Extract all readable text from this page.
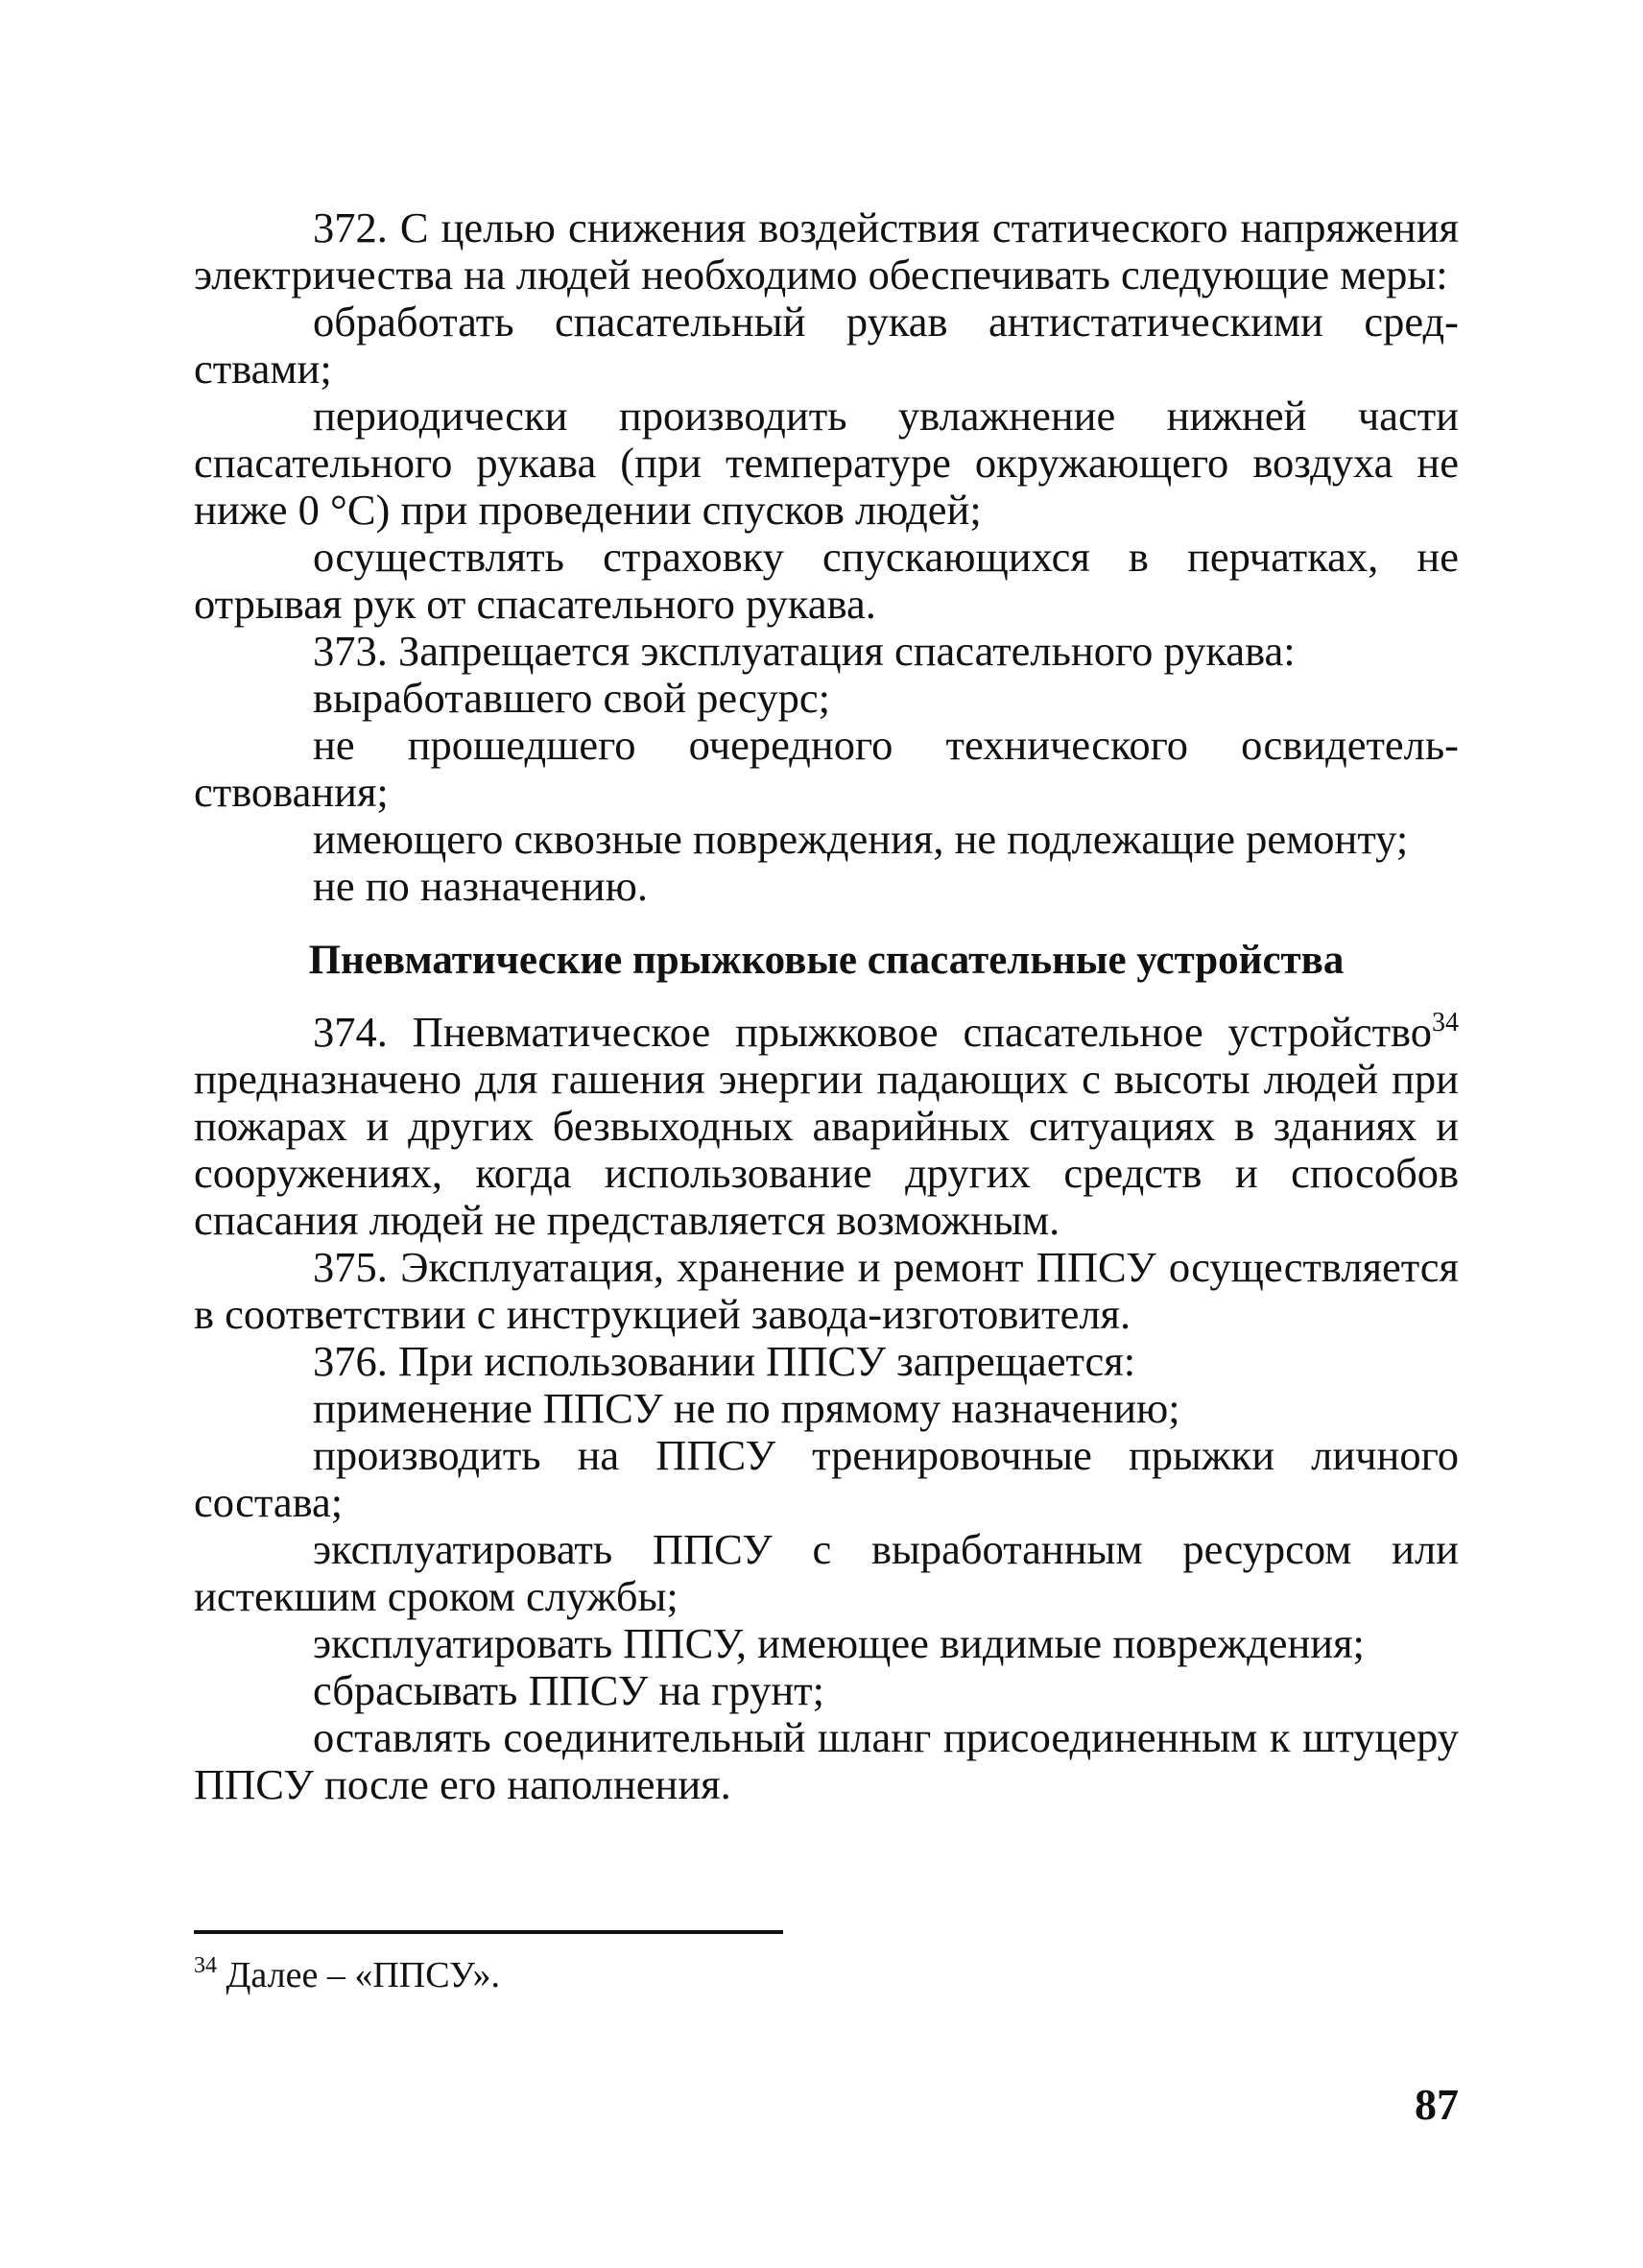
372. С целью снижения воздействия статического напряжения электричества на людей необходимо обеспечивать следующие меры:

обработать спасательный рукав антистатическими средствами;

периодически производить увлажнение нижней части спасательного рукава (при температуре окружающего воздуха не ниже 0 °С) при проведении спусков людей;

осуществлять страховку спускающихся в перчатках, не отрывая рук от спасательного рукава.

373. Запрещается эксплуатация спасательного рукава:

выработавшего свой ресурс;

не прошедшего очередного технического освидетельствования;

имеющего сквозные повреждения, не подлежащие ремонту;

не по назначению.

Пневматические прыжковые спасательные устройства

374. Пневматическое прыжковое спасательное устройство$^{34}$ предназначено для гашения энергии падающих с высоты людей при пожарах и других безвыходных аварийных ситуациях в зданиях и сооружениях, когда использование других средств и способов спасания людей не представляется возможным.

375. Эксплуатация, хранение и ремонт ППСУ осуществляется в соответствии с инструкцией завода-изготовителя.

376. При использовании ППСУ запрещается:

применение ППСУ не по прямому назначению;

производить на ППСУ тренировочные прыжки личного состава;

эксплуатировать ППСУ с выработанным ресурсом или истекшим сроком службы;

эксплуатировать ППСУ, имеющее видимые повреждения;

сбрасывать ППСУ на грунт;

оставлять соединительный шланг присоединенным к штуцеру ППСУ после его наполнения.

$^{34}$ Далее – «ППСУ».
87
